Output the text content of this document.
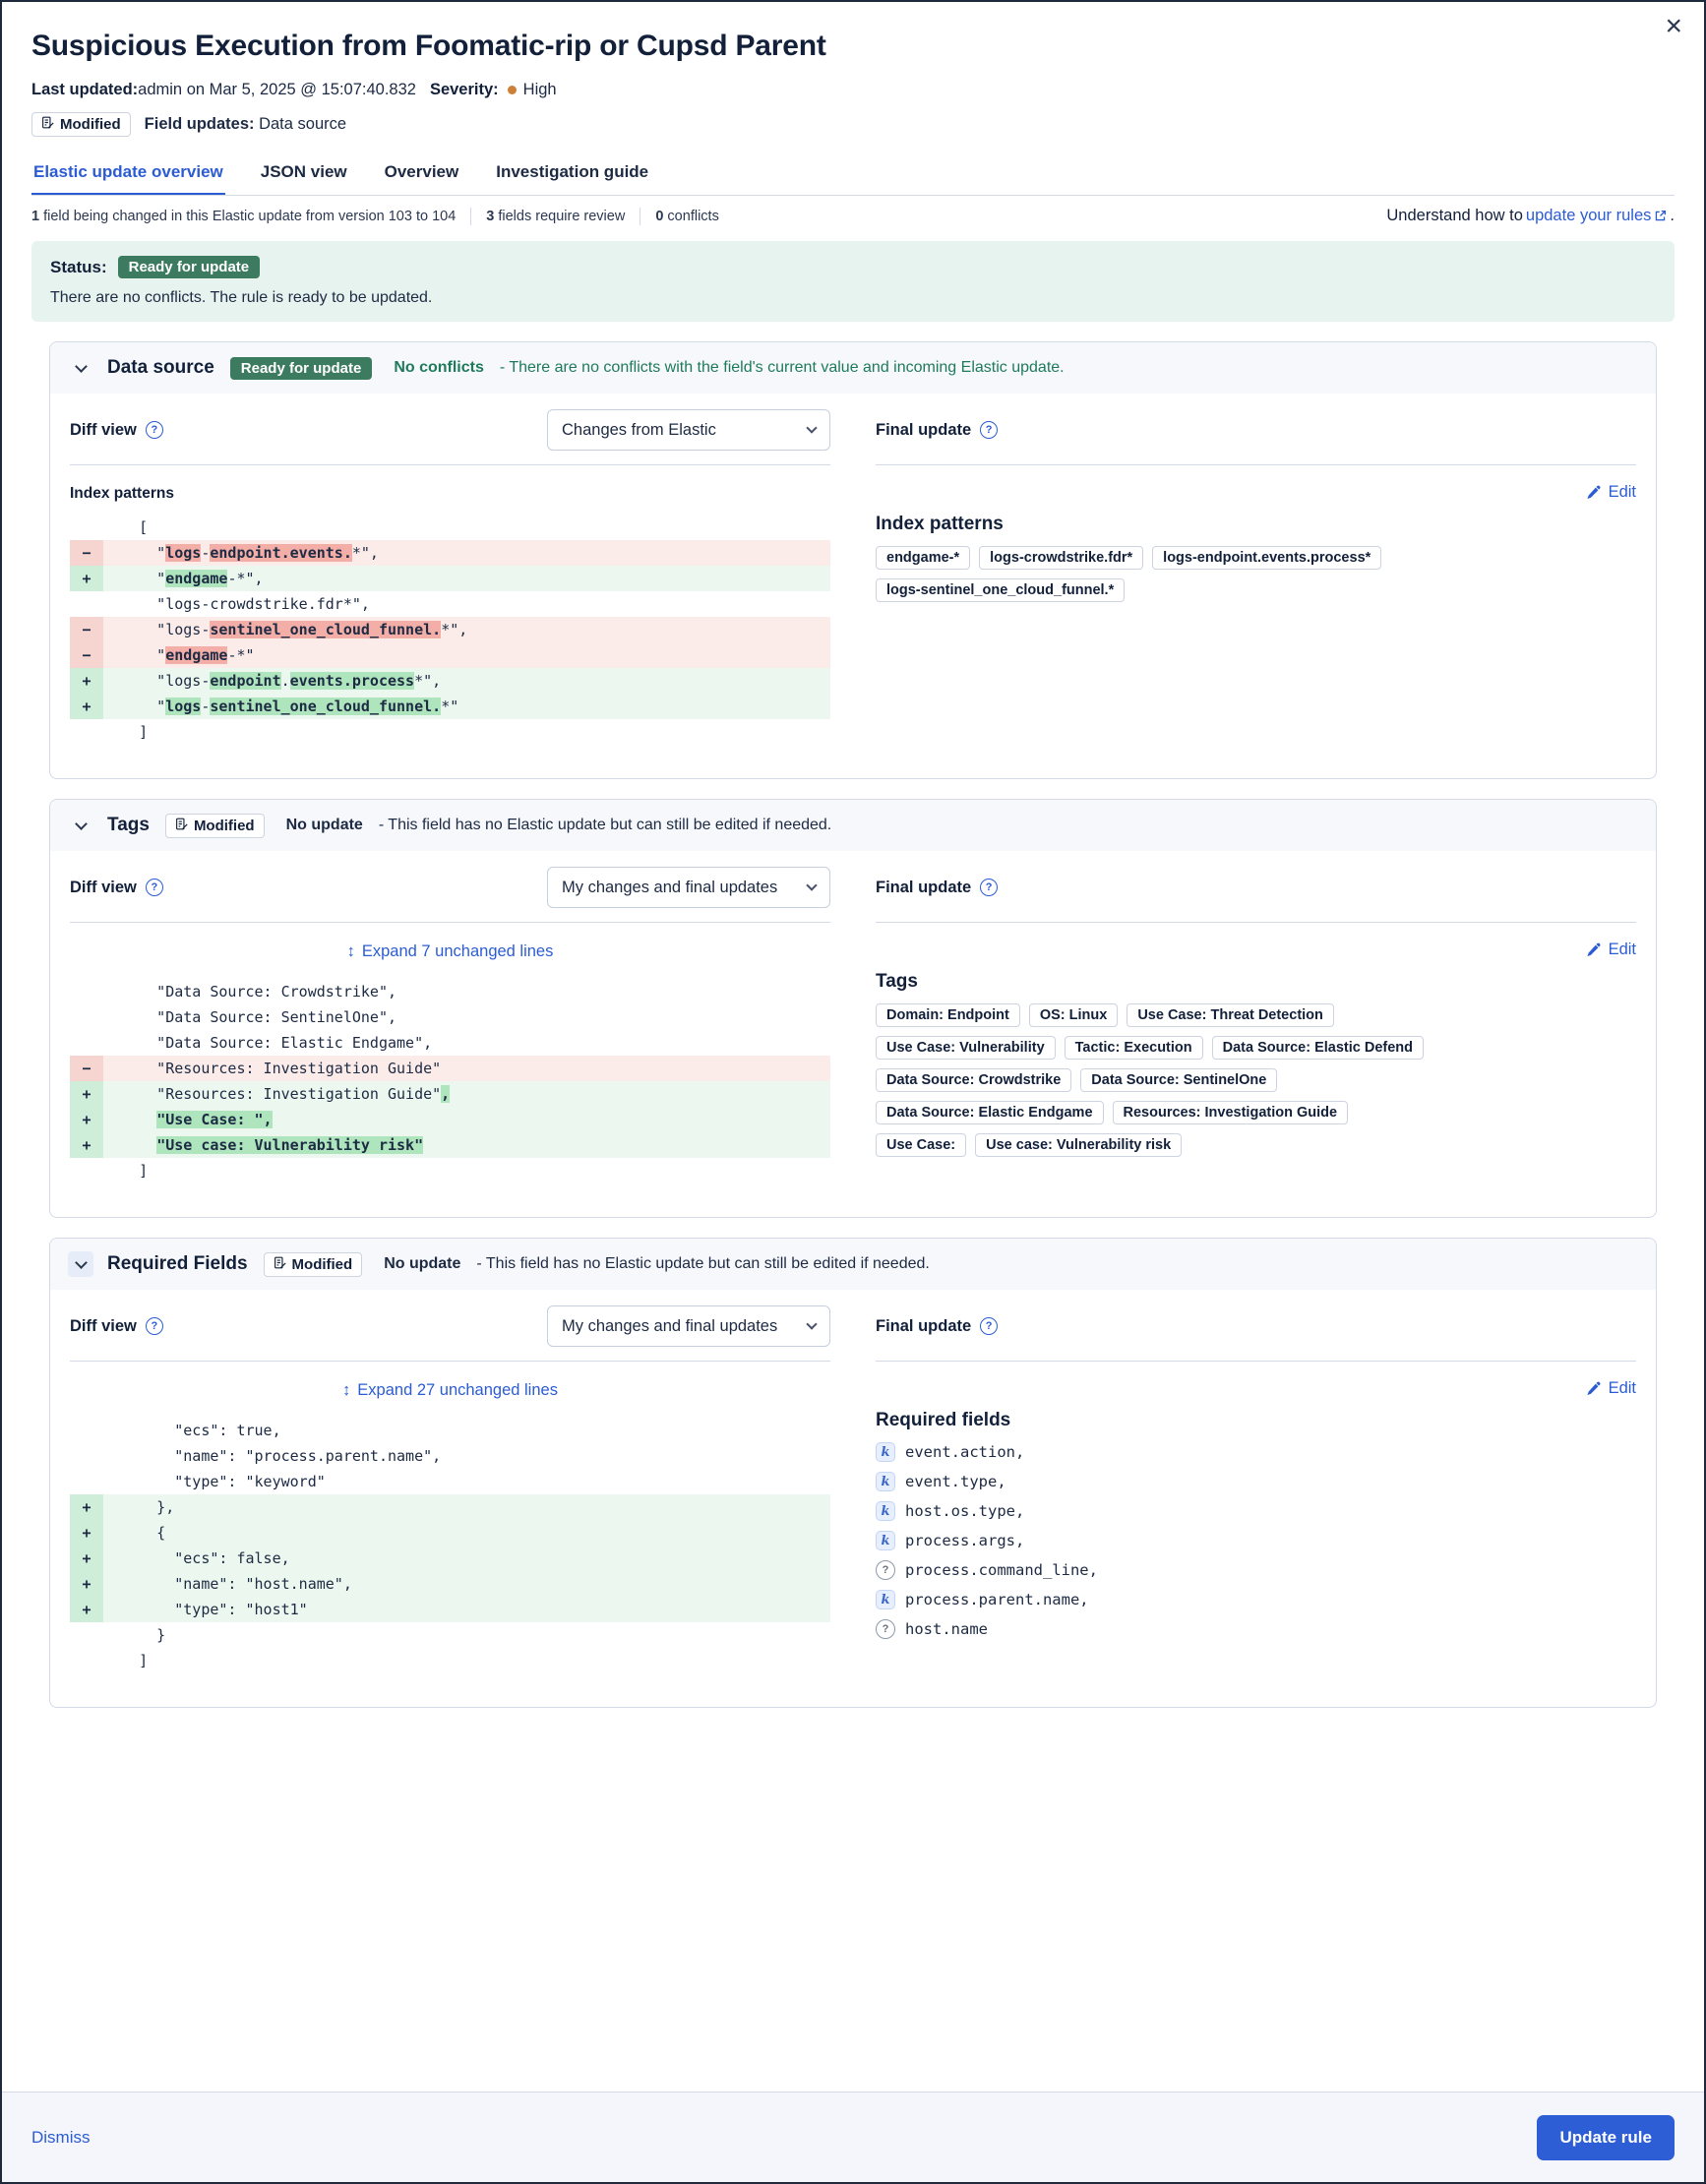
×
Suspicious Execution from Foomatic-rip or Cupsd Parent
Last updated: admin on Mar 5, 2025 @ 15:07:40.832 Severity: High
Modified Field updates: Data source
Elastic update overview JSON view Overview Investigation guide
1 field being changed in this Elastic update from version 103 to 104 3 fields require review 0 conflicts	Understand how to update your rules .
Status:	Ready for update
There are no conflicts. The rule is ready to be updated.
Data source	Ready for update	No conflicts - There are no conflicts with the field's current value and incoming Elastic update.
Diff view	?	Changes from Elastic
Index patterns

[
− "logs-endpoint.events.*",
+ "endgame-*",

"logs-crowdstrike.fdr*",
− "logs-sentinel_one_cloud_funnel.*",
− "endgame-*"
+ "logs-endpoint.events.process*",
+ "logs-sentinel_one_cloud_funnel.*"

]
Final update	?
Edit
Index patterns
endgame-*	logs-crowdstrike.fdr*	logs-endpoint.events.process*
logs-sentinel_one_cloud_funnel.*
Tags	Modified No update - This field has no Elastic update but can still be edited if needed.
Diff view	?	My changes and final updates
↕ Expand 7 unchanged lines

"Data Source: Crowdstrike",

"Data Source: SentinelOne",

"Data Source: Elastic Endgame",
− "Resources: Investigation Guide"
+ "Resources: Investigation Guide",
+	"Use Case: ",
+	"Use case: Vulnerability risk"

]
Final update	?
Edit
Tags
Domain: Endpoint	OS: Linux	Use Case: Threat Detection
Use Case: Vulnerability	Tactic: Execution	Data Source: Elastic Defend
Data Source: Crowdstrike	Data Source: SentinelOne
Data Source: Elastic Endgame	Resources: Investigation Guide
Use Case:	Use case: Vulnerability risk
Required Fields	Modified No update - This field has no Elastic update but can still be edited if needed.
Diff view	?	My changes and final updates
↕ Expand 27 unchanged lines

"ecs": true,

"name": "process.parent.name",

"type": "keyword"
+ },
+ {
+ "ecs": false,
+ "name": "host.name",
+ "type": "host1"

}

]
Final update	?
Edit
Required fields
k	event.action,
k	event.type,
k	host.os.type,
k	process.args,
?	process.command_line,
k	process.parent.name,
?	host.name
Dismiss	Update rule
